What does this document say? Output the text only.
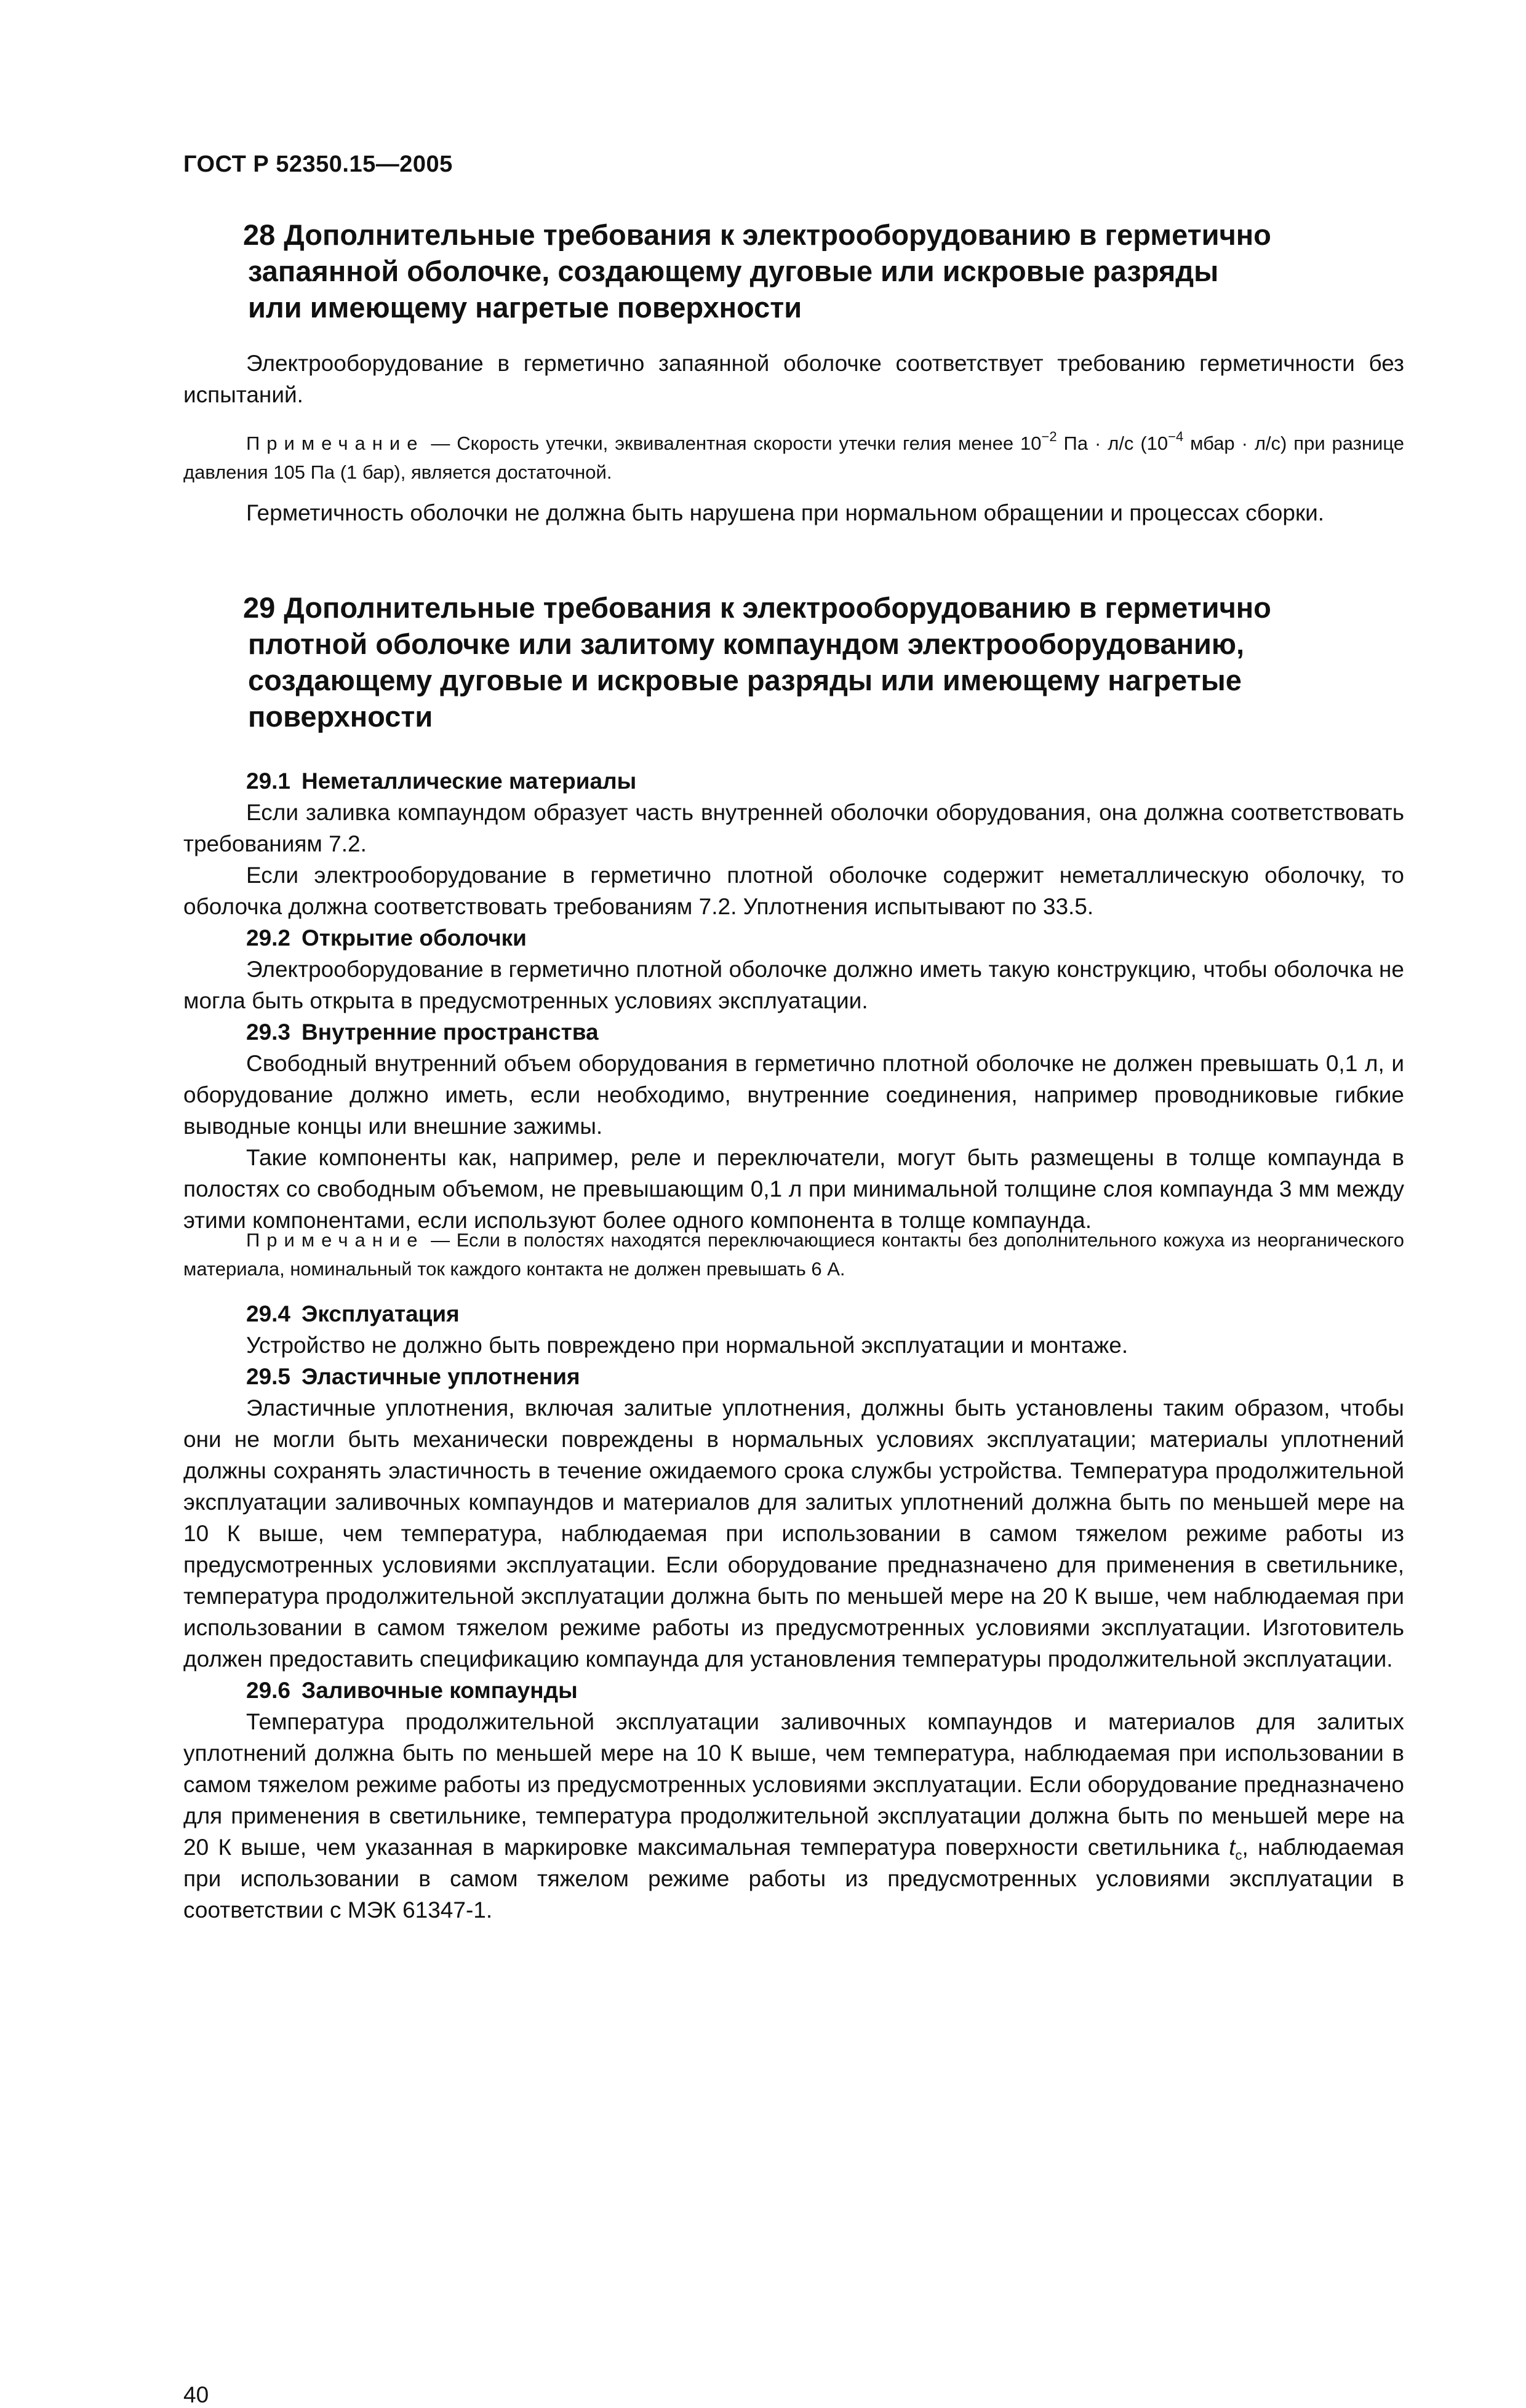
ГОСТ Р 52350.15—2005
28 Дополнительные требования к электрооборудованию в герметично
запаянной оболочке, создающему дуговые или искровые разряды
или имеющему нагретые поверхности

Электрооборудование в герметично запаянной оболочке соответствует требованию герметичности без испытаний.

Примечание — Скорость утечки, эквивалентная скорости утечки гелия менее $10^{-2}$ Па · л/с ($10^{-4}$ мбар · л/с) при разнице давления 105 Па (1 бар), является достаточной.

Герметичность оболочки не должна быть нарушена при нормальном обращении и процессах сборки.

29 Дополнительные требования к электрооборудованию в герметично
плотной оболочке или залитому компаундом электрооборудованию,
создающему дуговые и искровые разряды или имеющему нагретые
поверхности
29.1 Неметаллические материалы

Если заливка компаундом образует часть внутренней оболочки оборудования, она должна соответствовать требованиям 7.2.

Если электрооборудование в герметично плотной оболочке содержит неметаллическую оболочку, то оболочка должна соответствовать требованиям 7.2. Уплотнения испытывают по 33.5.

29.2 Открытие оболочки

Электрооборудование в герметично плотной оболочке должно иметь такую конструкцию, чтобы оболочка не могла быть открыта в предусмотренных условиях эксплуатации.

29.3 Внутренние пространства

Свободный внутренний объем оборудования в герметично плотной оболочке не должен превышать 0,1 л, и оборудование должно иметь, если необходимо, внутренние соединения, например проводниковые гибкие выводные концы или внешние зажимы.

Такие компоненты как, например, реле и переключатели, могут быть размещены в толще компаунда в полостях со свободным объемом, не превышающим 0,1 л при минимальной толщине слоя компаунда 3 мм между этими компонентами, если используют более одного компонента в толще компаунда.

Примечание — Если в полостях находятся переключающиеся контакты без дополнительного кожуха из неорганического материала, номинальный ток каждого контакта не должен превышать 6 А.

29.4 Эксплуатация

Устройство не должно быть повреждено при нормальной эксплуатации и монтаже.

29.5 Эластичные уплотнения

Эластичные уплотнения, включая залитые уплотнения, должны быть установлены таким образом, чтобы они не могли быть механически повреждены в нормальных условиях эксплуатации; материалы уплотнений должны сохранять эластичность в течение ожидаемого срока службы устройства. Температура продолжительной эксплуатации заливочных компаундов и материалов для залитых уплотнений должна быть по меньшей мере на 10 К выше, чем температура, наблюдаемая при использовании в самом тяжелом режиме работы из предусмотренных условиями эксплуатации. Если оборудование предназначено для применения в светильнике, температура продолжительной эксплуатации должна быть по меньшей мере на 20 К выше, чем наблюдаемая при использовании в самом тяжелом режиме работы из предусмотренных условиями эксплуатации. Изготовитель должен предоставить спецификацию компаунда для установления температуры продолжительной эксплуатации.

29.6 Заливочные компаунды

Температура продолжительной эксплуатации заливочных компаундов и материалов для залитых уплотнений должна быть по меньшей мере на 10 К выше, чем температура, наблюдаемая при использовании в самом тяжелом режиме работы из предусмотренных условиями эксплуатации. Если оборудование предназначено для применения в светильнике, температура продолжительной эксплуатации должна быть по меньшей мере на 20 К выше, чем указанная в маркировке максимальная температура поверхности светильника $t_c$, наблюдаемая при использовании в самом тяжелом режиме работы из предусмотренных условиями эксплуатации в соответствии с МЭК 61347-1.

40
